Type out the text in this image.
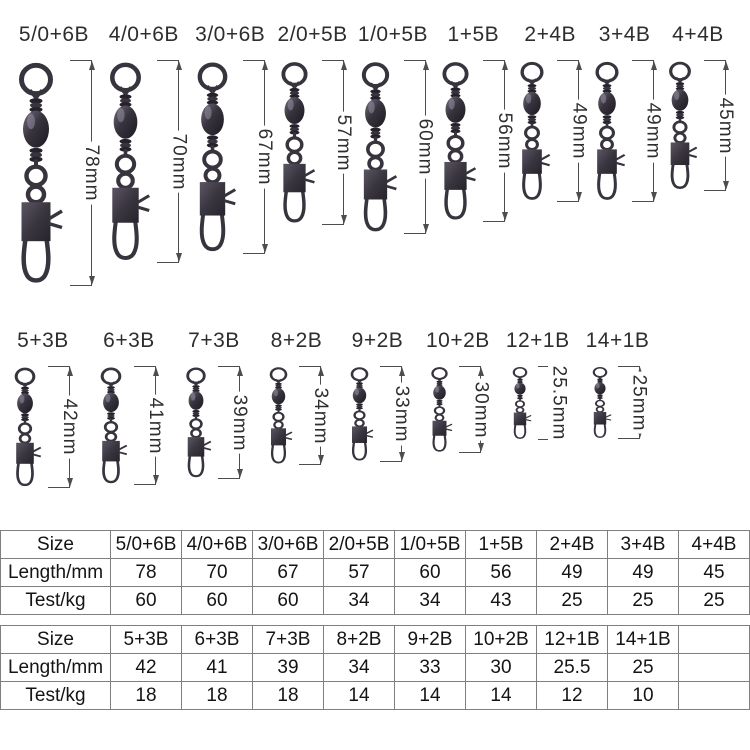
5/0+6B
78mm
4/0+6B
70mm
3/0+6B
67mm
2/0+5B
57mm
1/0+5B
60mm
1+5B
56mm
2+4B
49mm
3+4B
49mm
4+4B
45mm
5+3B
42mm
6+3B
41mm
7+3B
39mm
8+2B
34mm
9+2B
33mm
10+2B
30mm
12+1B
25.5mm
14+1B
25mm
Size	5/0+6B	4/0+6B	3/0+6B	2/0+5B	1/0+5B	1+5B	2+4B	3+4B	4+4B
Length/mm	78	70	67	57	60	56	49	49	45
Test/kg	60	60	60	34	34	43	25	25	25
Size	5+3B	6+3B	7+3B	8+2B	9+2B	10+2B	12+1B	14+1B	
Length/mm	42	41	39	34	33	30	25.5	25	
Test/kg	18	18	18	14	14	14	12	10	
